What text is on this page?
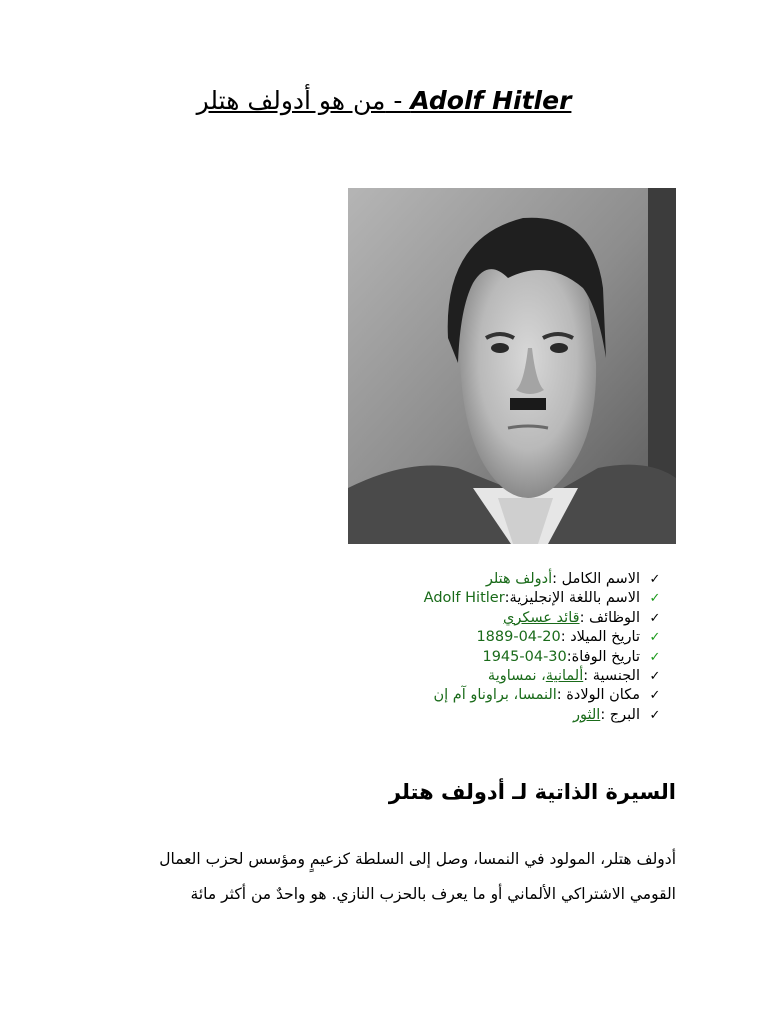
من هو أدولف هتلر - Adolf Hitler
✓
الاسم الكامل :
أدولف هتلر
✓
الاسم باللغة الإنجليزية:
Adolf Hitler
✓
الوظائف :
قائد عسكري
✓
تاريخ الميلاد :
1889-04-20
✓
تاريخ الوفاة:
1945-04-30
✓
الجنسية :
ألمانية
، نمساوية
✓
مكان الولادة :
النمسا، براوناو آم إن
✓
البرج :
الثور
السيرة الذاتية لـ أدولف هتلر
أدولف هتلر، المولود في النمسا، وصل إلى السلطة كزعيمٍ ومؤسس لحزب العمال
القومي الاشتراكي الألماني أو ما يعرف بالحزب النازي. هو واحدٌ من أكثر مائة
